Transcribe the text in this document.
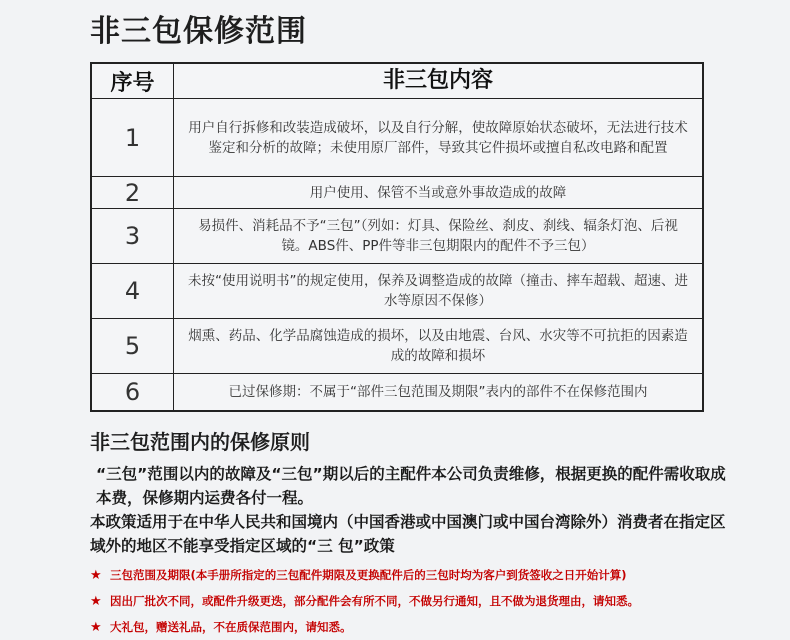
非三包保修范围
序号	非三包内容
1	用户自行拆修和改装造成破坏，以及自行分解，使故障原始状态破坏，无法进行技术鉴定和分析的故障；未使用原厂部件，导致其它件损坏或擅自私改电路和配置
2	用户使用、保管不当或意外事故造成的故障
3	易损件、消耗品不予“三包”（列如：灯具、保险丝、刹皮、刹线、辐条灯泡、后视镜。ABS件、PP件等非三包期限内的配件不予三包）
4	未按“使用说明书”的规定使用，保养及调整造成的故障（撞击、摔车超载、超速、进水等原因不保修）
5	烟熏、药品、化学品腐蚀造成的损坏，以及由地震、台风、水灾等不可抗拒的因素造成的故障和损坏
6	已过保修期：不属于“部件三包范围及期限”表内的部件不在保修范围内
非三包范围内的保修原则

“三包”范围以内的故障及“三包”期以后的主配件本公司负责维修，根据更换的配件需收取成本费，保修期内运费各付一程。

本政策适用于在中华人民共和国境内（中国香港或中国澳门或中国台湾除外）消费者在指定区域外的地区不能享受指定区域的“三 包”政策

★ 三包范围及期限(本手册所指定的三包配件期限及更换配件后的三包时均为客户到货签收之日开始计算)
★ 因出厂批次不同，或配件升级更迭，部分配件会有所不同，不做另行通知，且不做为退货理由，请知悉。
★ 大礼包，赠送礼品，不在质保范围内，请知悉。
